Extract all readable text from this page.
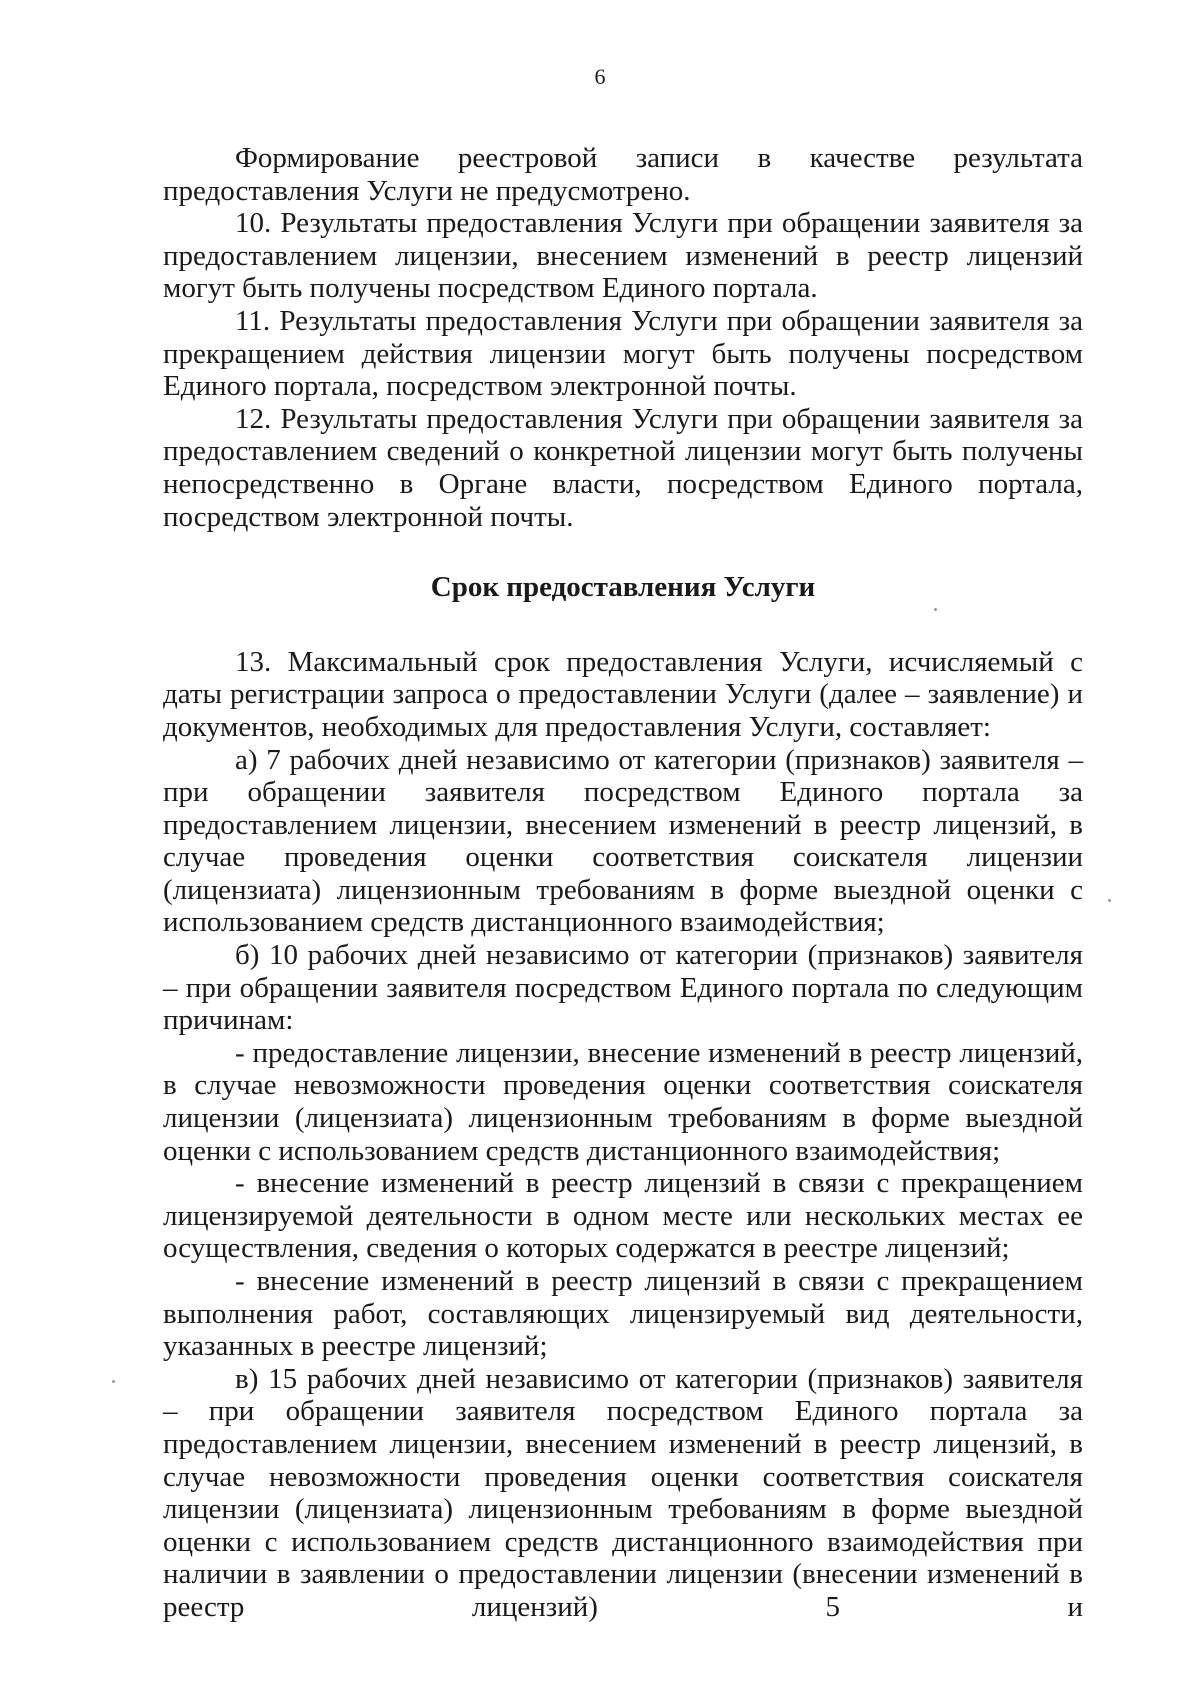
6

Формирование реестровой записи в качестве результата предоставления Услуги не предусмотрено.

10. Результаты предоставления Услуги при обращении заявителя за предоставлением лицензии, внесением изменений в реестр лицензий могут быть получены посредством Единого портала.

11. Результаты предоставления Услуги при обращении заявителя за прекращением действия лицензии могут быть получены посредством Единого портала, посредством электронной почты.

12. Результаты предоставления Услуги при обращении заявителя за предоставлением сведений о конкретной лицензии могут быть получены непосредственно в Органе власти, посредством Единого портала, посредством электронной почты.

Срок предоставления Услуги

13. Максимальный срок предоставления Услуги, исчисляемый с даты регистрации запроса о предоставлении Услуги (далее – заявление) и документов, необходимых для предоставления Услуги, составляет:

а) 7 рабочих дней независимо от категории (признаков) заявителя – при обращении заявителя посредством Единого портала за предоставлением лицензии, внесением изменений в реестр лицензий, в случае проведения оценки соответствия соискателя лицензии (лицензиата) лицензионным требованиям в форме выездной оценки с использованием средств дистанционного взаимодействия;

б) 10 рабочих дней независимо от категории (признаков) заявителя – при обращении заявителя посредством Единого портала по следующим причинам:

- предоставление лицензии, внесение изменений в реестр лицензий, в случае невозможности проведения оценки соответствия соискателя лицензии (лицензиата) лицензионным требованиям в форме выездной оценки с использованием средств дистанционного взаимодействия;

- внесение изменений в реестр лицензий в связи с прекращением лицензируемой деятельности в одном месте или нескольких местах ее осуществления, сведения о которых содержатся в реестре лицензий;

- внесение изменений в реестр лицензий в связи с прекращением выполнения работ, составляющих лицензируемый вид деятельности, указанных в реестре лицензий;

в) 15 рабочих дней независимо от категории (признаков) заявителя – при обращении заявителя посредством Единого портала за предоставлением лицензии, внесением изменений в реестр лицензий, в случае невозможности проведения оценки соответствия соискателя лицензии (лицензиата) лицензионным требованиям в форме выездной оценки с использованием средств дистанционного взаимодействия при наличии в заявлении о предоставлении лицензии (внесении изменений в реестр лицензий) 5 и
